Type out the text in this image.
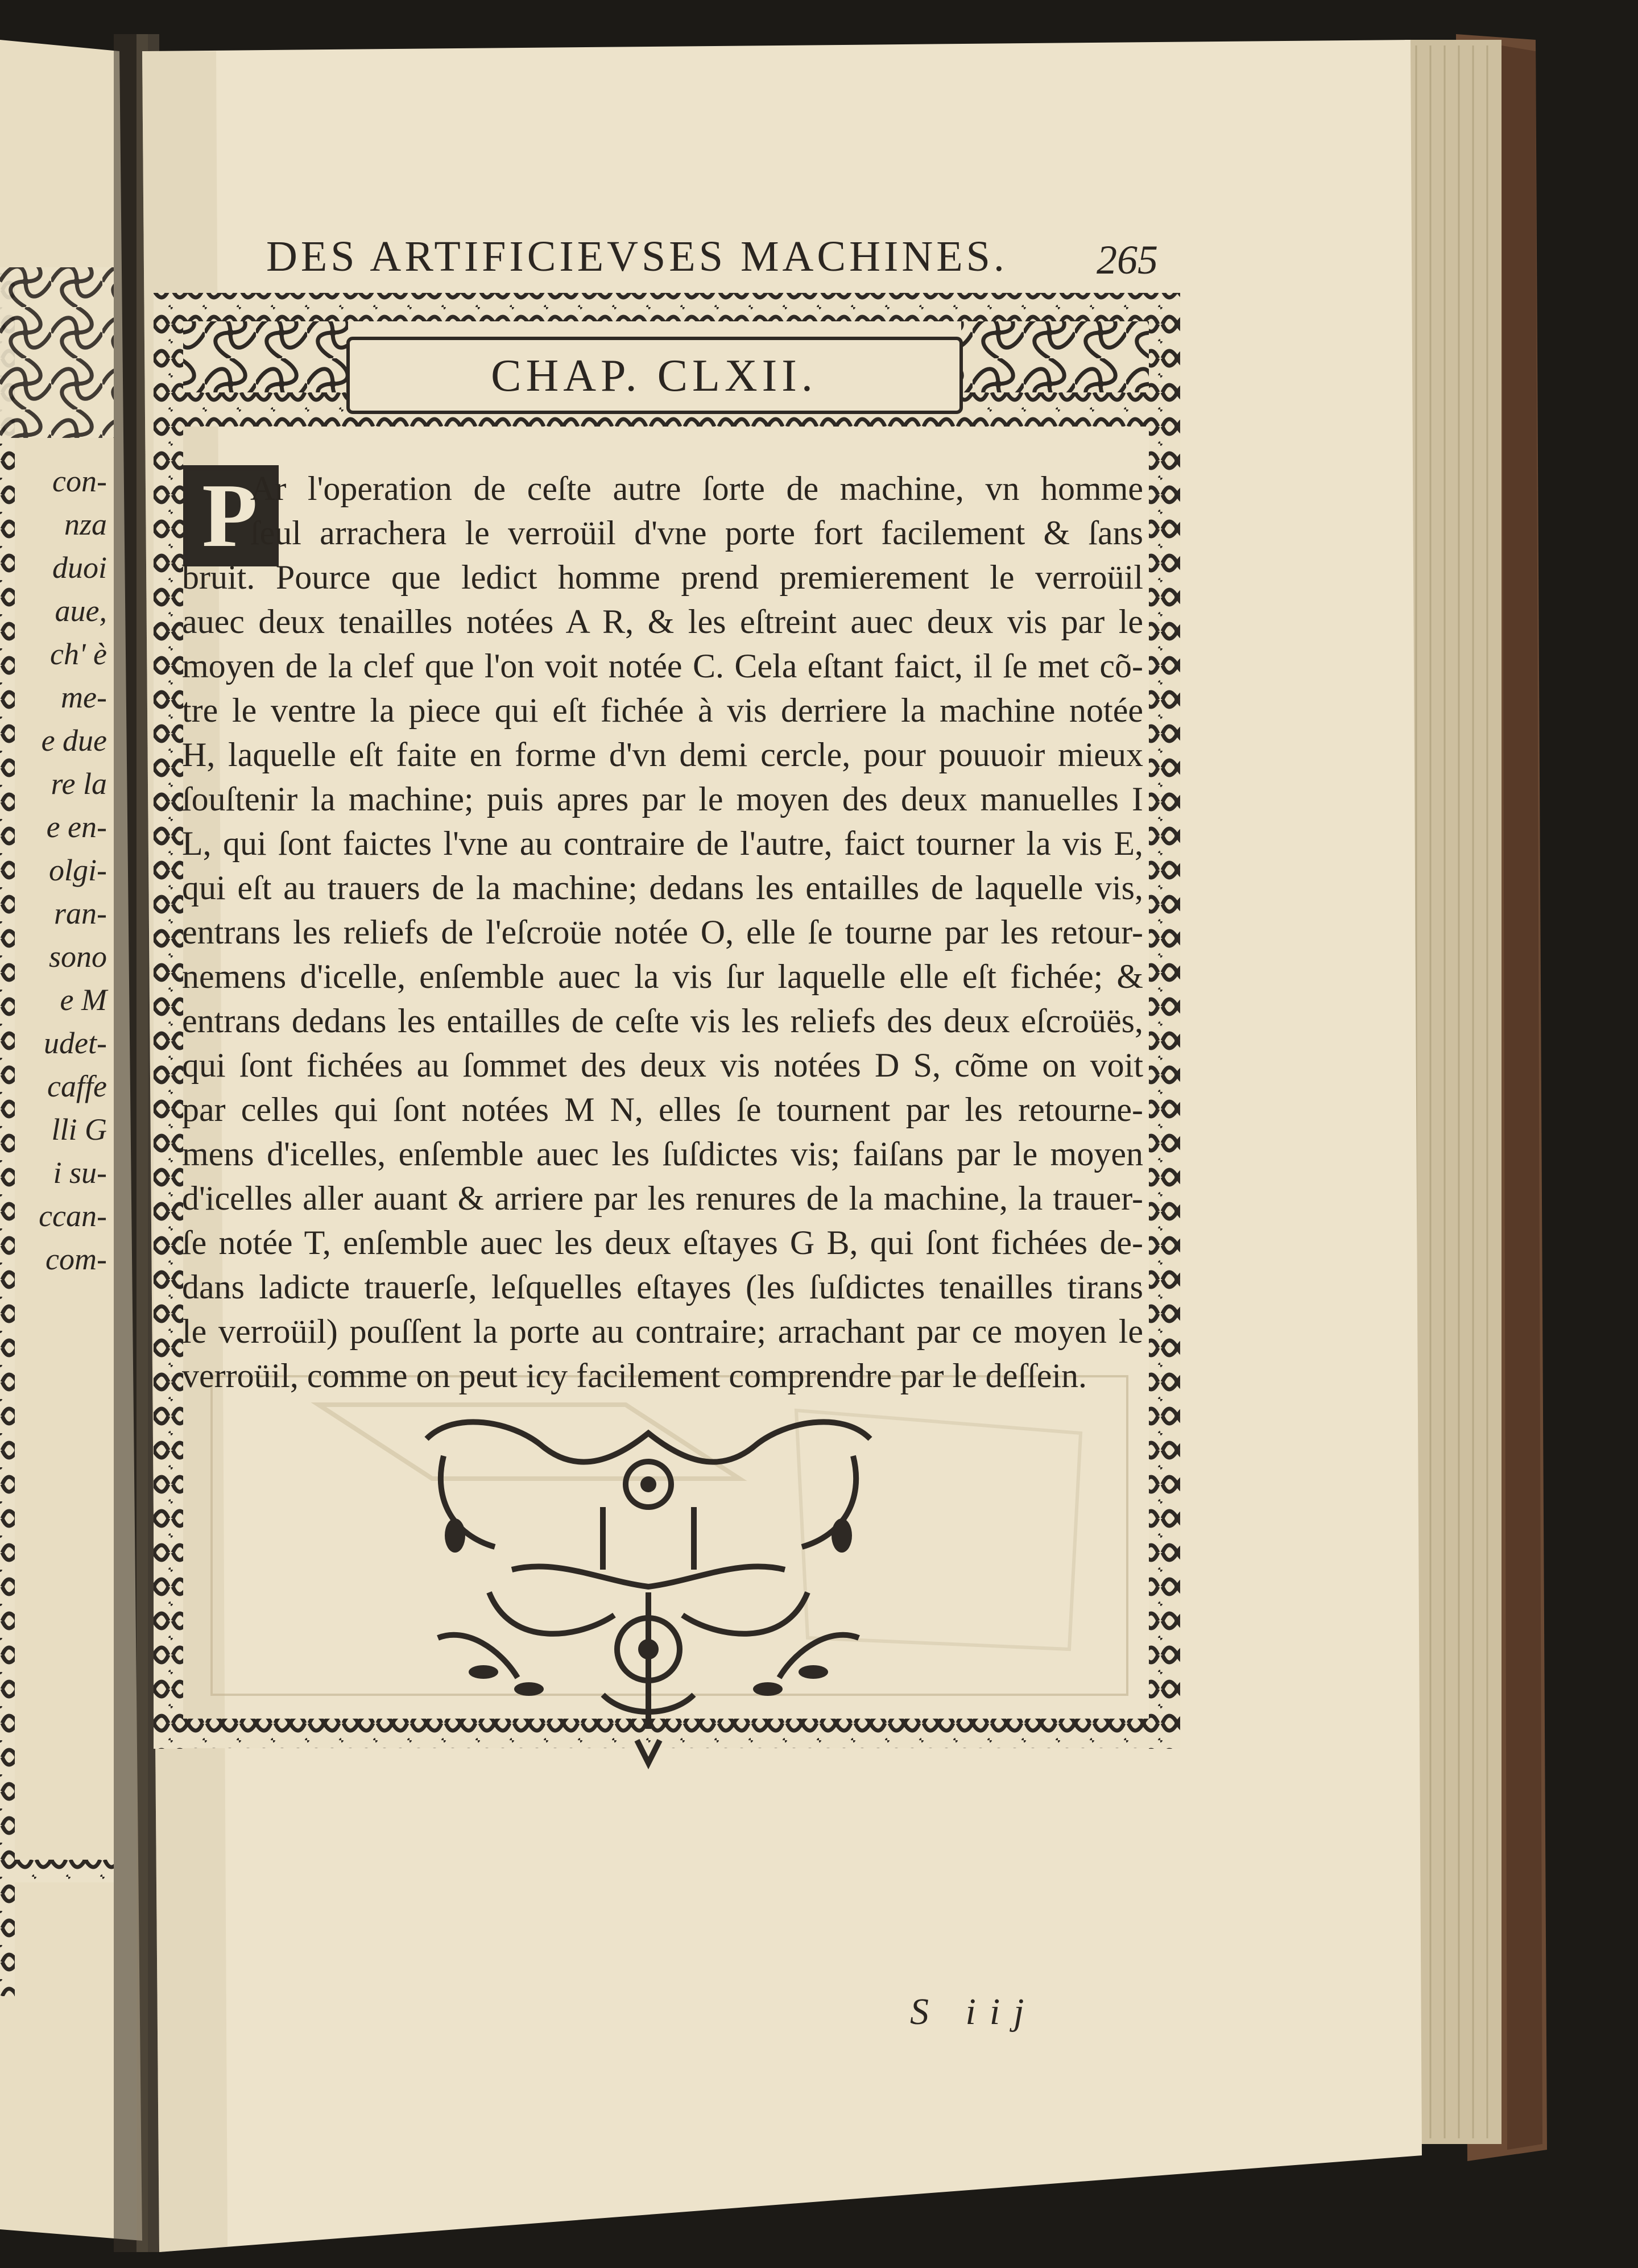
con-
nza
duoi
aue,
ch' è
me-
e due
re la
e en-
olgi-
ran-
sono
e M
udet-
caffe
lli G
i su-
ccan-
com-
DES ARTIFICIEVSES MACHINES. 265
CHAP. CLXII.
P
Ar l'operation de ceſte autre ſorte de machine, vn homme
ſeul arrachera le verroüil d'vne porte fort facilement & ſans
bruit. Pource que ledict homme prend premierement le verroüil
auec deux tenailles notées A R, & les eſtreint auec deux vis par le
moyen de la clef que l'on voit notée C. Cela eſtant faict, il ſe met cõ-
tre le ventre la piece qui eſt fichée à vis derriere la machine notée
H, laquelle eſt faite en forme d'vn demi cercle, pour pouuoir mieux
ſouſtenir la machine; puis apres par le moyen des deux manuelles I
L, qui ſont faictes l'vne au contraire de l'autre, faict tourner la vis E,
qui eſt au trauers de la machine; dedans les entailles de laquelle vis,
entrans les reliefs de l'eſcroüe notée O, elle ſe tourne par les retour-
nemens d'icelle, enſemble auec la vis ſur laquelle elle eſt fichée; &
entrans dedans les entailles de ceſte vis les reliefs des deux eſcroüës,
qui ſont fichées au ſommet des deux vis notées D S, cõme on voit
par celles qui ſont notées M N, elles ſe tournent par les retourne-
mens d'icelles, enſemble auec les ſuſdictes vis; faiſans par le moyen
d'icelles aller auant & arriere par les renures de la machine, la trauer-
ſe notée T, enſemble auec les deux eſtayes G B, qui ſont fichées de-
dans ladicte trauerſe, leſquelles eſtayes (les ſuſdictes tenailles tirans
le verroüil) pouſſent la porte au contraire; arrachant par ce moyen le
verroüil, comme on peut icy facilement comprendre par le deſſein.
S iij
